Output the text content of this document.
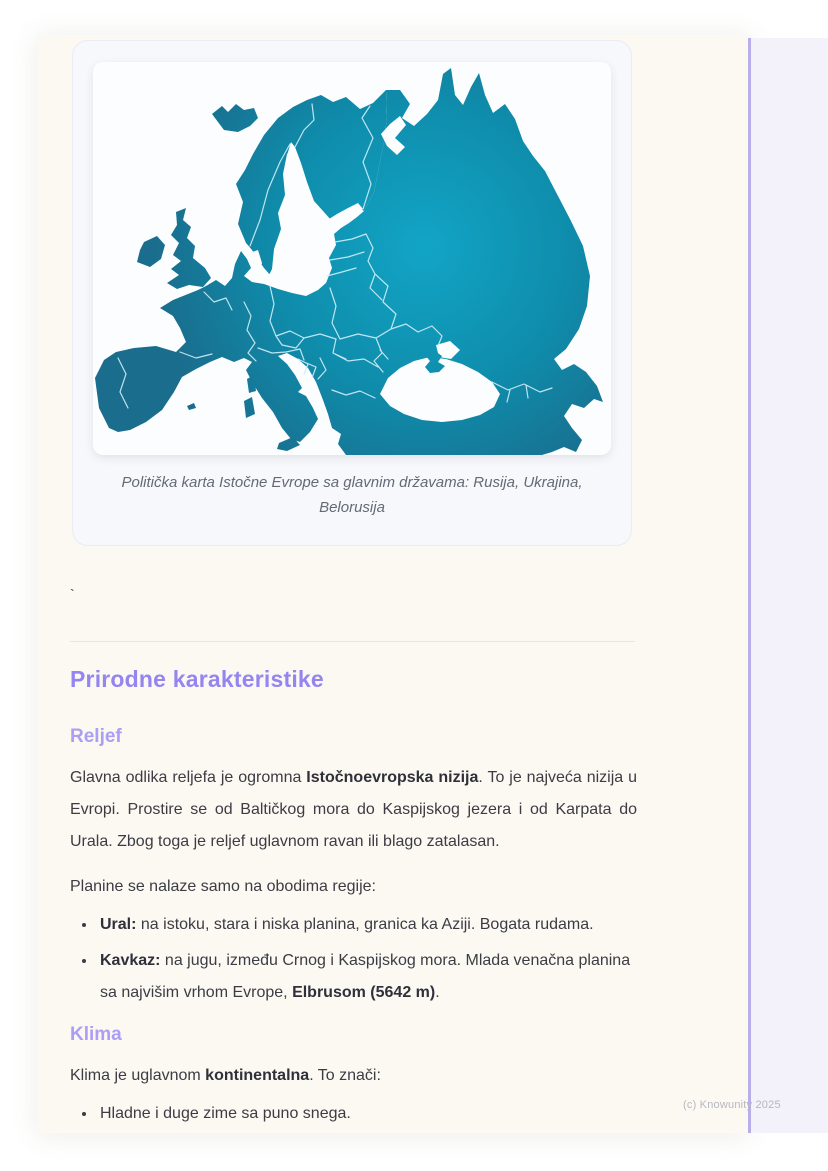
Politička karta Istočne Evrope sa glavnim državama: Rusija, Ukrajina, Belorusija
`
Prirodne karakteristike
Reljef

Glavna odlika reljefa je ogromna Istočnoevropska nizija. To je najveća nizija u Evropi. Prostire se od Baltičkog mora do Kaspijskog jezera i od Karpata do Urala. Zbog toga je reljef uglavnom ravan ili blago zatalasan.

Planine se nalaze samo na obodima regije:

• Ural: na istoku, stara i niska planina, granica ka Aziji. Bogata rudama.
• Kavkaz: na jugu, između Crnog i Kaspijskog mora. Mlada venačna planina sa najvišim vrhom Evrope, Elbrusom (5642 m).
Klima

Klima je uglavnom kontinentalna. To znači:

• Hladne i duge zime sa puno snega.	(c) Knowunity 2025
